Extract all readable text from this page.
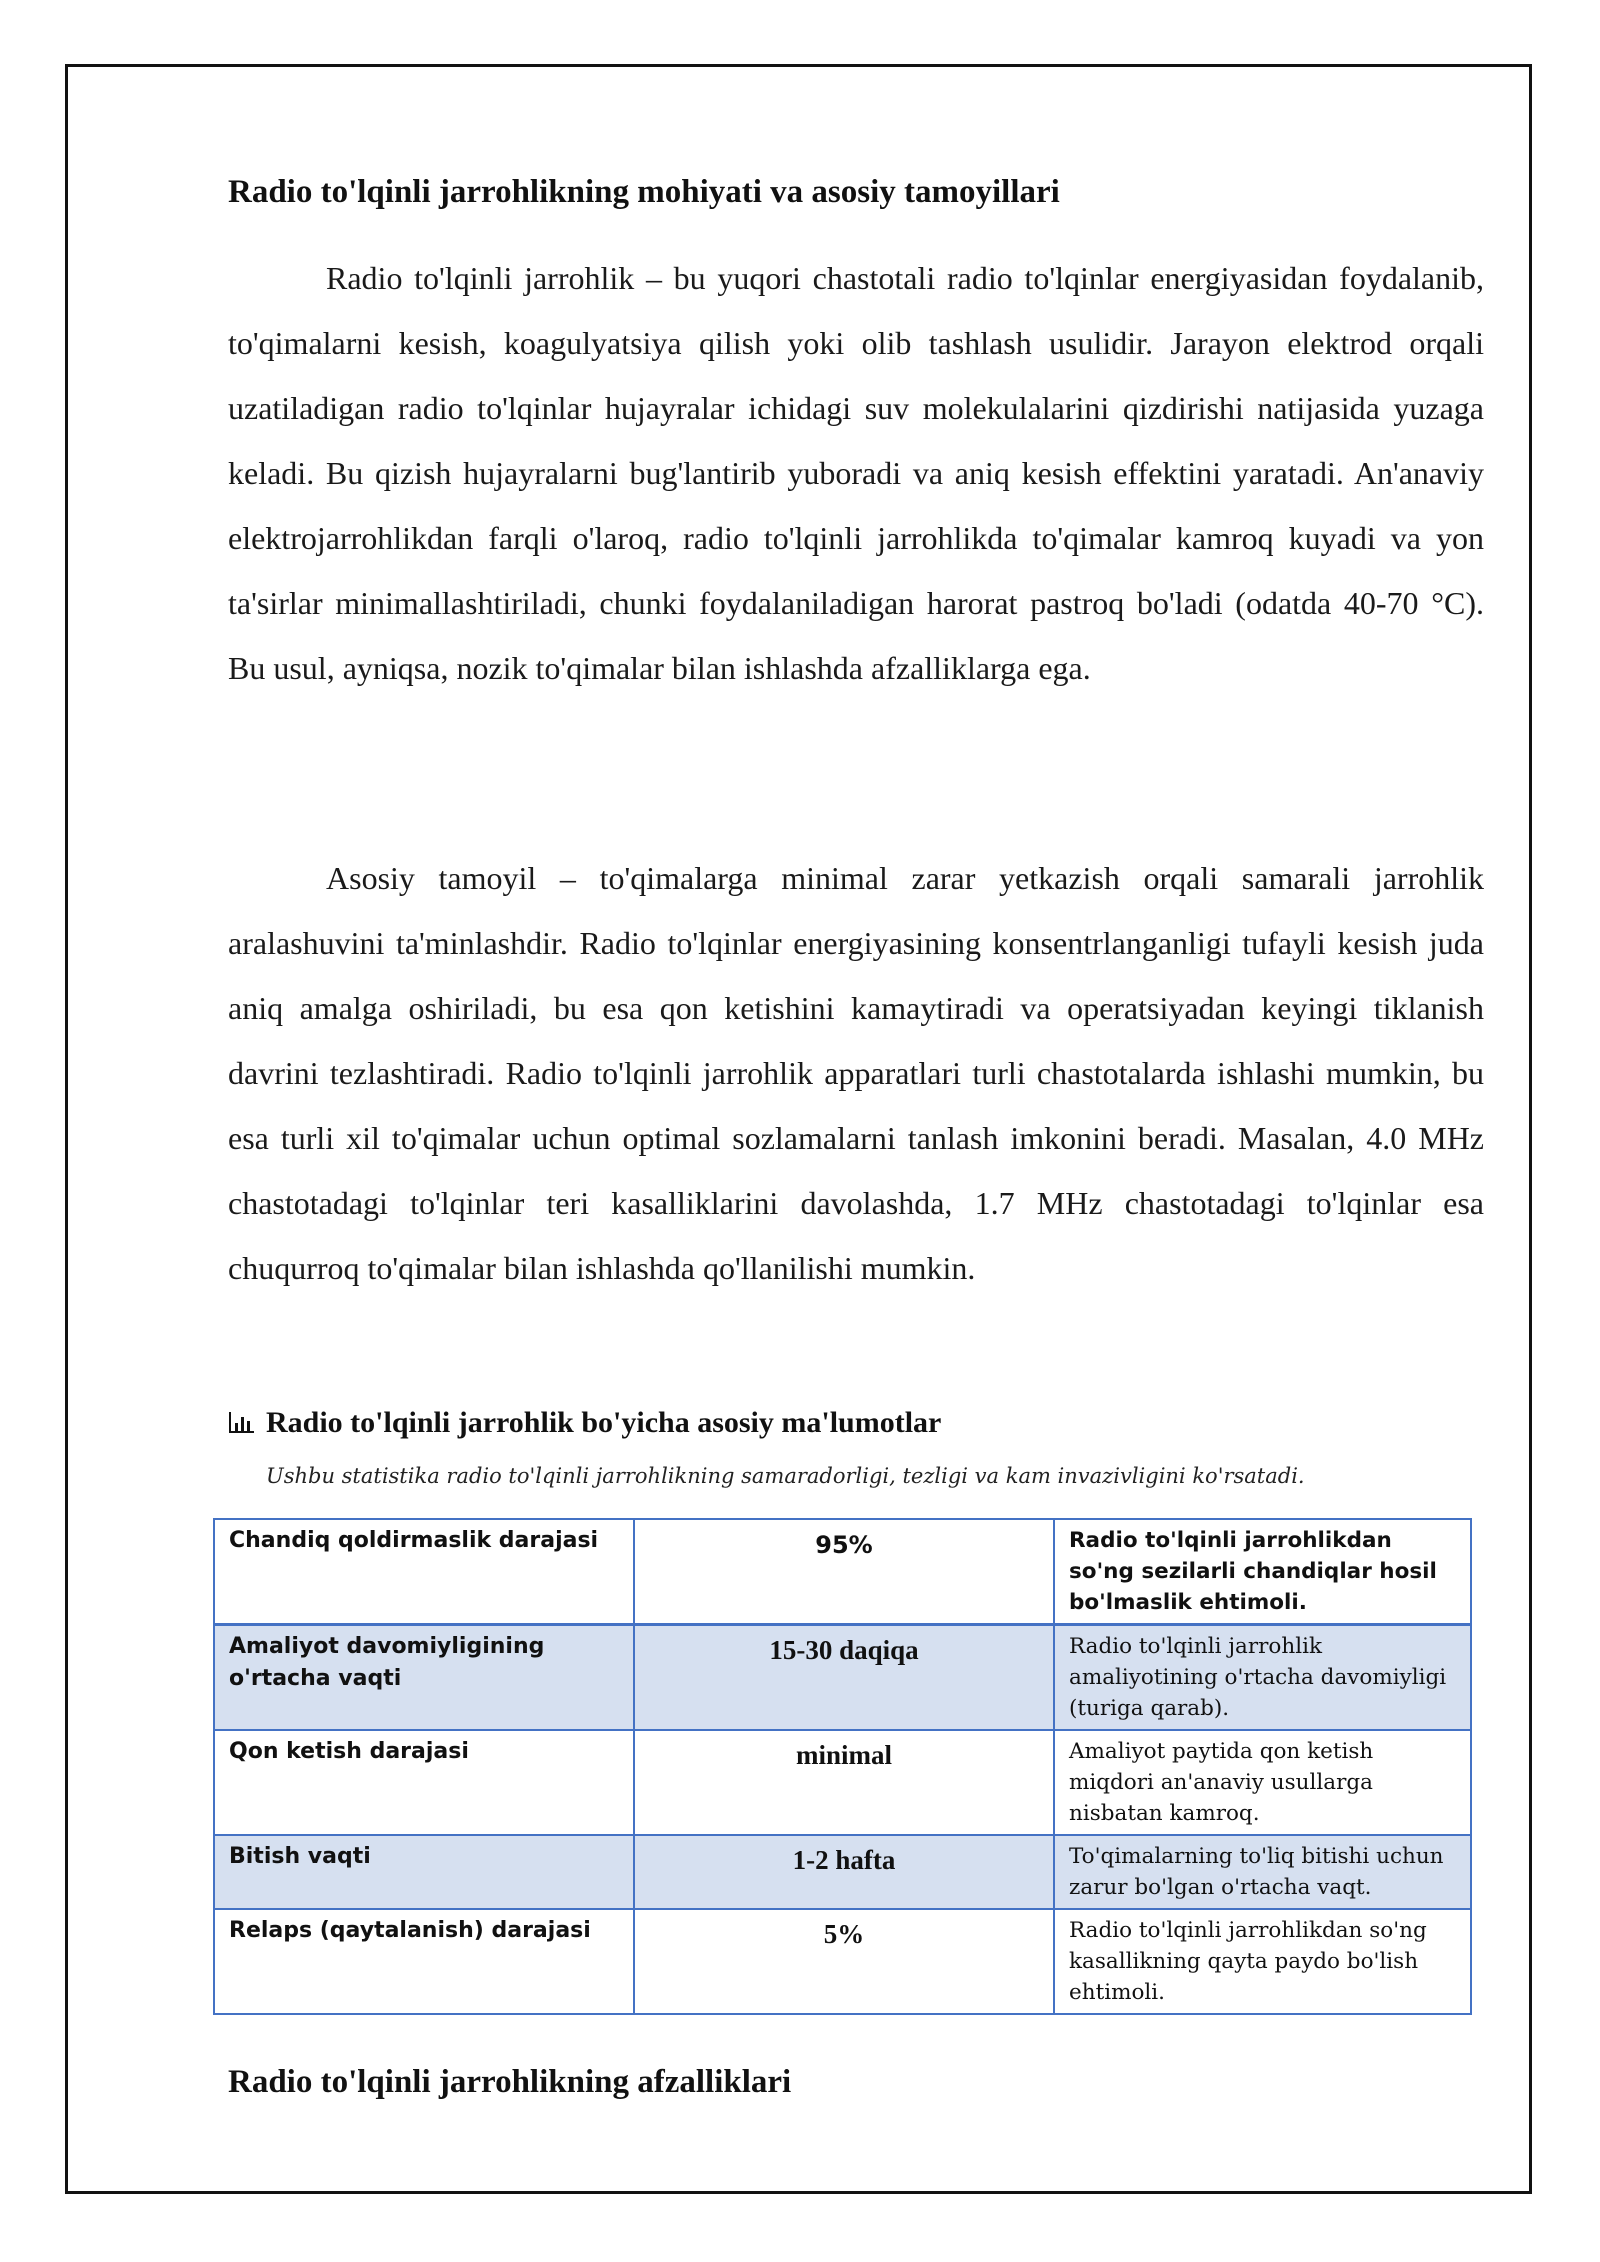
Radio to'lqinli jarrohlikning mohiyati va asosiy tamoyillari

Radio to'lqinli jarrohlik – bu yuqori chastotali radio to'lqinlar energiyasidan foydalanib, to'qimalarni kesish, koagulyatsiya qilish yoki olib tashlash usulidir. Jarayon elektrod orqali uzatiladigan radio to'lqinlar hujayralar ichidagi suv molekulalarini qizdirishi natijasida yuzaga keladi. Bu qizish hujayralarni bug'lantirib yuboradi va aniq kesish effektini yaratadi. An'anaviy elektrojarrohlikdan farqli o'laroq, radio to'lqinli jarrohlikda to'qimalar kamroq kuyadi va yon ta'sirlar minimallashtiriladi, chunki foydalaniladigan harorat pastroq bo'ladi (odatda 40-70 °C). Bu usul, ayniqsa, nozik to'qimalar bilan ishlashda afzalliklarga ega.

Asosiy tamoyil – to'qimalarga minimal zarar yetkazish orqali samarali jarrohlik aralashuvini ta'minlashdir. Radio to'lqinlar energiyasining konsentrlanganligi tufayli kesish juda aniq amalga oshiriladi, bu esa qon ketishini kamaytiradi va operatsiyadan keyingi tiklanish davrini tezlashtiradi. Radio to'lqinli jarrohlik apparatlari turli chastotalarda ishlashi mumkin, bu esa turli xil to'qimalar uchun optimal sozlamalarni tanlash imkonini beradi. Masalan, 4.0 MHz chastotadagi to'lqinlar teri kasalliklarini davolashda, 1.7 MHz chastotadagi to'lqinlar esa chuqurroq to'qimalar bilan ishlashda qo'llanilishi mumkin.

Radio to'lqinli jarrohlik bo'yicha asosiy ma'lumotlar
Ushbu statistika radio to'lqinli jarrohlikning samaradorligi, tezligi va kam invazivligini ko'rsatadi.
Radio to'lqinli jarrohlikning afzalliklari
Chandiq qoldirmaslik darajasi	95%	Radio to'lqinli jarrohlikdan so'ng sezilarli chandiqlar hosil bo'lmaslik ehtimoli.
Amaliyot davomiyligining o'rtacha vaqti	15-30 daqiqa	Radio to'lqinli jarrohlik amaliyotining o'rtacha davomiyligi (turiga qarab).
Qon ketish darajasi	minimal	Amaliyot paytida qon ketish miqdori an'anaviy usullarga nisbatan kamroq.
Bitish vaqti	1-2 hafta	To'qimalarning to'liq bitishi uchun zarur bo'lgan o'rtacha vaqt.
Relaps (qaytalanish) darajasi	5%	Radio to'lqinli jarrohlikdan so'ng kasallikning qayta paydo bo'lish ehtimoli.
